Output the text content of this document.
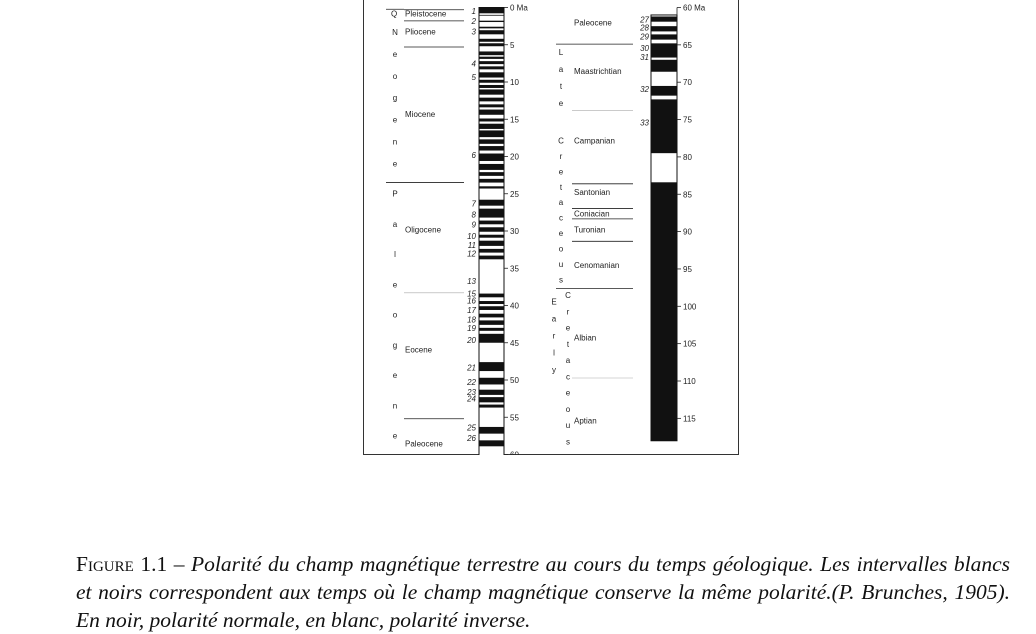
0 Ma
5
10
15
20
25
30
35
40
45
50
55
60
1
2
3
4
5
6
7
8
9
10
11
12
13
15
16
17
18
19
20
21
22
23
24
25
26
Pleistocene
Pliocene
Miocene
Oligocene
Eocene
Paleocene
Q
N
e
o
g
e
n
e
P
a
l
e
o
g
e
n
e
60 Ma
65
70
75
80
85
90
95
100
105
110
115
27
28
29
30
31
32
33
Paleocene
Maastrichtian
Campanian
Santonian
Coniacian
Turonian
Cenomanian
Albian
Aptian
L
a
t
e
E
a
r
l
y
C
r
e
t
a
c
e
o
u
s
C
r
e
t
a
c
e
o
u
s

Figure 1.1 – Polarité du champ magnétique terrestre au cours du temps géologique. Les intervalles blancs et noirs correspondent aux temps où le champ magnétique conserve la même polarité.(P. Brunches, 1905). En noir, polarité normale, en blanc, polarité inverse.
